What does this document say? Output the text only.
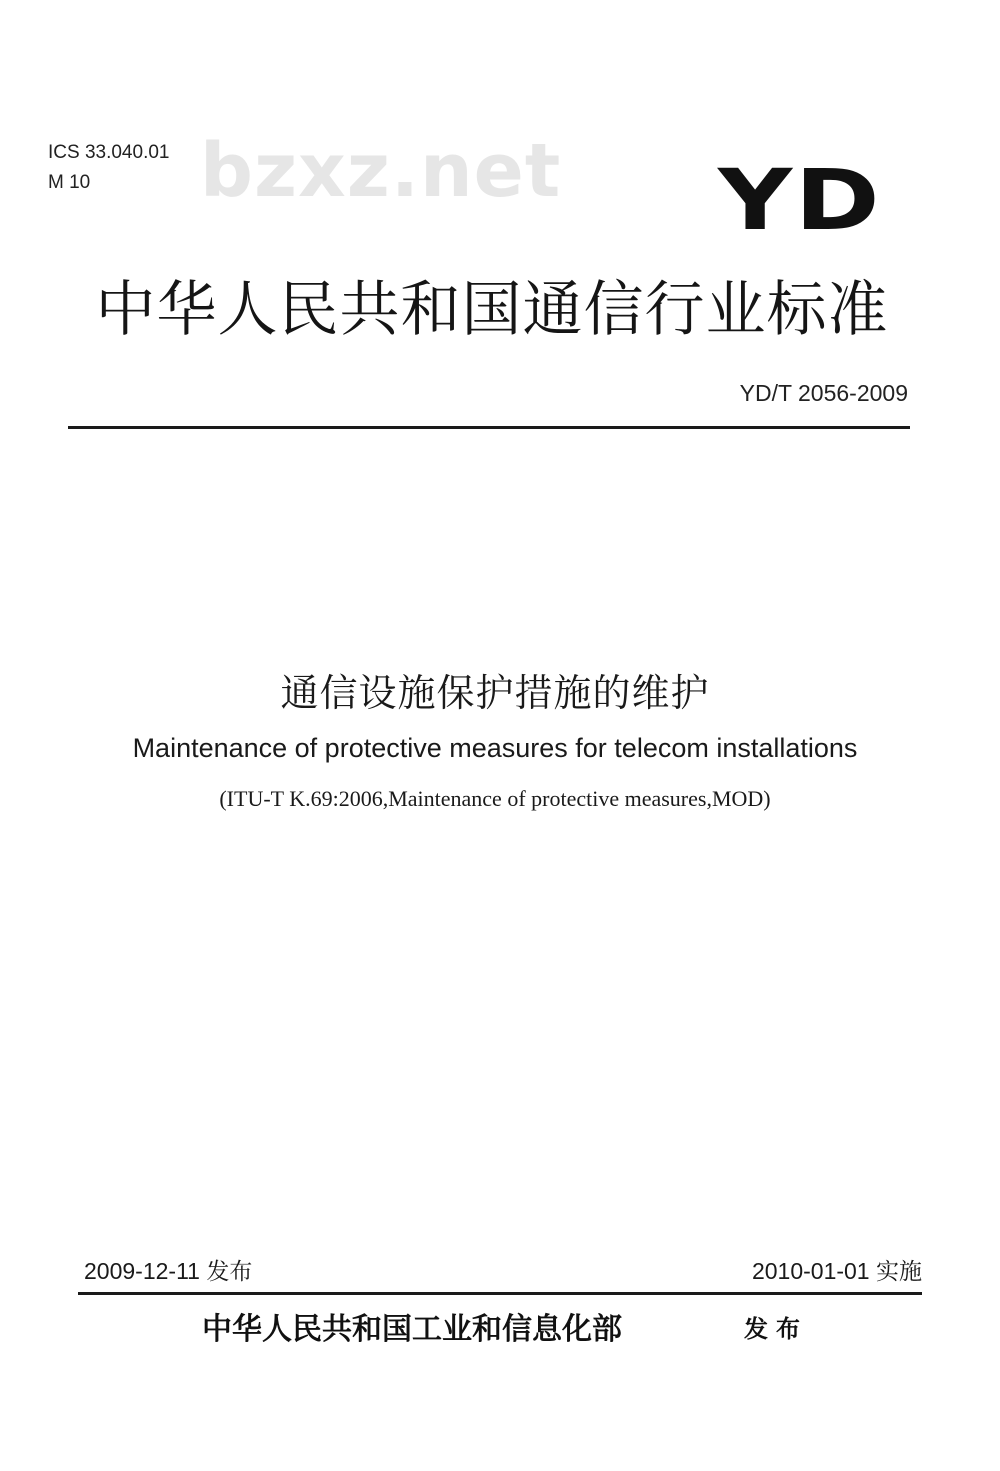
ICS 33.040.01
M 10 bzxz.net YD
中华人民共和国通信行业标准
YD/T 2056-2009
通信设施保护措施的维护
Maintenance of protective measures for telecom installations
(ITU-T K.69:2006,Maintenance of protective measures,MOD)
2009-12-11 发布	2010-01-01 实施
中华人民共和国工业和信息化部	发布
